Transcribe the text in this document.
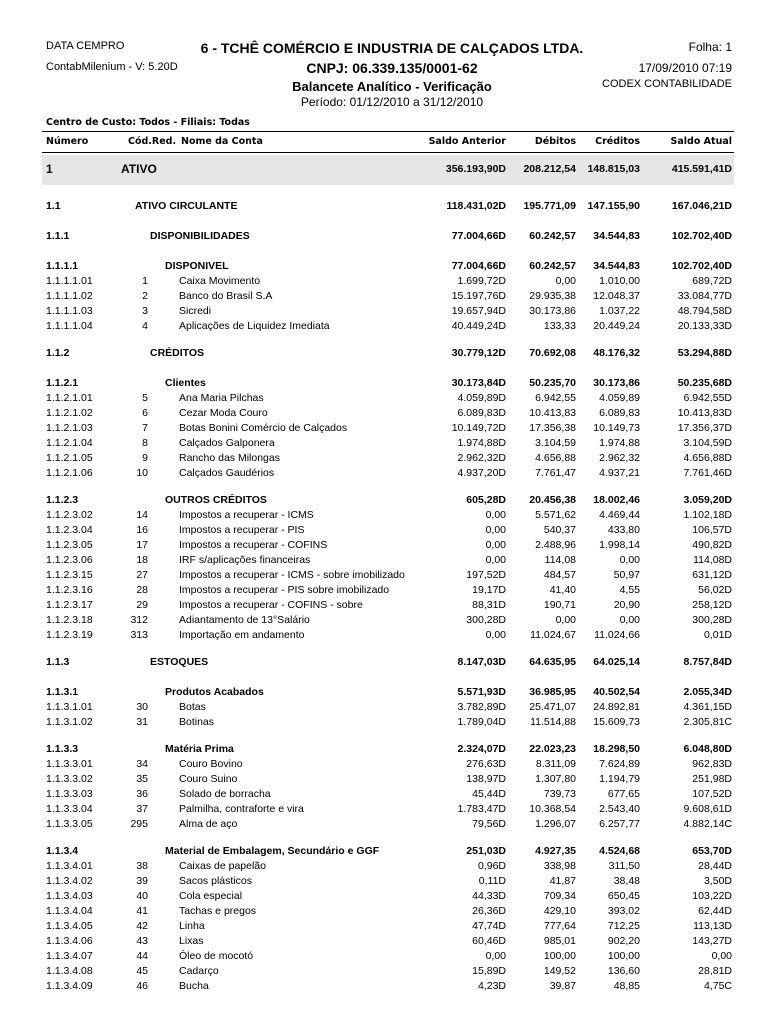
DATA CEMPRO
ContabMilenium - V: 5.20D
6 - TCHÊ COMÉRCIO E INDUSTRIA DE CALÇADOS LTDA.
CNPJ: 06.339.135/0001-62
Balancete Analítico - Verificação
Período: 01/12/2010 a 31/12/2010
Folha: 1
17/09/2010 07:19
CODEX CONTABILIDADE
Centro de Custo: Todos - Filiais: Todas
Número	Cód.Red. Nome da Conta	Saldo Anterior	Débitos Créditos	Saldo Atual
1	ATIVO	356.193,90D 208.212,54 148.815,03	415.591,41D
1.1	ATIVO CIRCULANTE	118.431,02D 195.771,09 147.155,90	167.046,21D
1.1.1	DISPONIBILIDADES	77.004,66D 60.242,57 34.544,83	102.702,40D
1.1.1.1	DISPONIVEL	77.004,66D 60.242,57 34.544,83	102.702,40D
1.1.1.1.01	1	Caixa Movimento	1.699,72D	0,00 1.010,00	689,72D
1.1.1.1.02	2	Banco do Brasil S.A	15.197,76D 29.935,38 12.048,37	33.084,77D
1.1.1.1.03	3	Sicredi	19.657,94D 30.173,86 1.037,22	48.794,58D
1.1.1.1.04	4	Aplicações de Liquidez Imediata	40.449,24D	133,33 20.449,24	20.133,33D
1.1.2	CRÉDITOS	30.779,12D 70.692,08 48.176,32	53.294,88D
1.1.2.1	Clientes	30.173,84D 50.235,70 30.173,86	50.235,68D
1.1.2.1.01	5	Ana Maria Pilchas	4.059,89D	6.942,55 4.059,89	6.942,55D
1.1.2.1.02	6	Cezar Moda Couro	6.089,83D 10.413,83 6.089,83	10.413,83D
1.1.2.1.03	7	Botas Bonini Comércio de Calçados	10.149,72D 17.356,38 10.149,73	17.356,37D
1.1.2.1.04	8	Calçados Galponera	1.974,88D	3.104,59 1.974,88	3.104,59D
1.1.2.1.05	9	Rancho das Milongas	2.962,32D	4.656,88 2.962,32	4.656,88D
1.1.2.1.06	10	Calçados Gaudérios	4.937,20D	7.761,47 4.937,21	7.761,46D
1.1.2.3	OUTROS CRÉDITOS	605,28D 20.456,38 18.002,46	3.059,20D
1.1.2.3.02	14	Impostos a recuperar - ICMS	0,00	5.571,62 4.469,44	1.102,18D
1.1.2.3.04	16	Impostos a recuperar - PIS	0,00	540,37	433,80	106,57D
1.1.2.3.05	17	Impostos a recuperar - COFINS	0,00	2.488,96 1.998,14	490,82D
1.1.2.3.06	18	IRF s/aplicações financeiras	0,00	114,08	0,00	114,08D
1.1.2.3.15	27	Impostos a recuperar - ICMS - sobre imobilizado	197,52D	484,57	50,97	631,12D
1.1.2.3.16	28	Impostos a recuperar - PIS sobre imobilizado	19,17D	41,40	4,55	56,02D
1.1.2.3.17	29	Impostos a recuperar - COFINS - sobre	88,31D	190,71	20,90	258,12D
1.1.2.3.18	312	Adiantamento de 13°Salário	300,28D	0,00	0,00	300,28D
1.1.2.3.19	313	Importação em andamento	0,00 11.024,67 11.024,66	0,01D
1.1.3	ESTOQUES	8.147,03D 64.635,95 64.025,14	8.757,84D
1.1.3.1	Produtos Acabados	5.571,93D 36.985,95 40.502,54	2.055,34D
1.1.3.1.01	30	Botas	3.782,89D 25.471,07 24.892,81	4.361,15D
1.1.3.1.02	31	Botinas	1.789,04D 11.514,88 15.609,73	2.305,81C
1.1.3.3	Matéria Prima	2.324,07D 22.023,23 18.298,50	6.048,80D
1.1.3.3.01	34	Couro Bovino	276,63D	8.311,09 7.624,89	962,83D
1.1.3.3.02	35	Couro Suino	138,97D	1.307,80 1.194,79	251,98D
1.1.3.3.03	36	Solado de borracha	45,44D	739,73	677,65	107,52D
1.1.3.3.04	37	Palmilha, contraforte e vira	1.783,47D 10.368,54 2.543,40	9.608,61D
1.1.3.3.05	295	Alma de aço	79,56D	1.296,07 6.257,77	4.882,14C
1.1.3.4	Material de Embalagem, Secundário e GGF	251,03D	4.927,35 4.524,68	653,70D
1.1.3.4.01	38	Caixas de papelão	0,96D	338,98	311,50	28,44D
1.1.3.4.02	39	Sacos plásticos	0,11D	41,87	38,48	3,50D
1.1.3.4.03	40	Cola especial	44,33D	709,34	650,45	103,22D
1.1.3.4.04	41	Tachas e pregos	26,36D	429,10	393,02	62,44D
1.1.3.4.05	42	Linha	47,74D	777,64	712,25	113,13D
1.1.3.4.06	43	Lixas	60,46D	985,01	902,20	143,27D
1.1.3.4.07	44	Óleo de mocotó	0,00	100,00	100,00	0,00
1.1.3.4.08	45	Cadarço	15,89D	149,52	136,60	28,81D
1.1.3.4.09	46	Bucha	4,23D	39,87	48,85	4,75C
